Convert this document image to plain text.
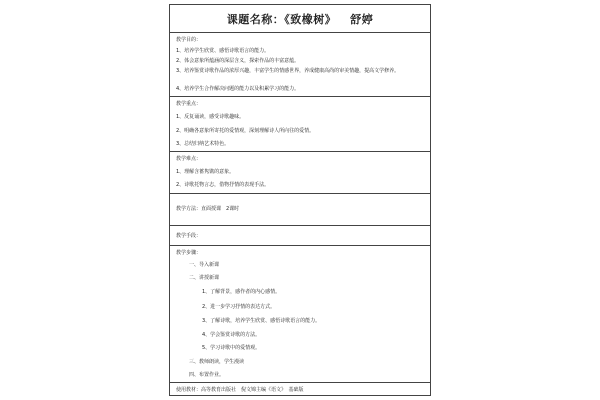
课题名称：《致橡树》 舒婷
教学目的：
1、培养学生欣赏、感悟诗歌语言的能力。
2、体会意象所蕴涵的深层含义，探索作品的丰富意蕴。
3、培养鉴赏诗歌作品的浓厚兴趣，丰富学生的情感世界，养成健康高尚的审美情趣，提高文学修养。
4、培养学生合作解决问题的能力以及积累学习的能力。
教学重点：
1、反复诵读，感受诗歌趣味。
2、明确各意象所寄托的爱情观，深刻理解诗人所向往的爱情。
3、总结归纳艺术特色。
教学难点：
1、理解含蓄隽镌的意象。
2、诗歌托物言志，借物抒情的表现手法。
教学方法：直面授课　2课时
教学手段：
教学步骤：
一、导入新课
二、讲授新课
1、了解背景，感作者的内心感情。
2、进一步学习抒情的表达方式。
3、了解诗歌，培养学生欣赏、感悟诗歌语言的能力。
4、学会鉴赏诗歌的方法。
5、学习诗歌中的爱情观。
三、教师朗读，学生漫读
四、布置作业。
使用教材：高等教育出版社　倪文锦主编《语文》　基础版
